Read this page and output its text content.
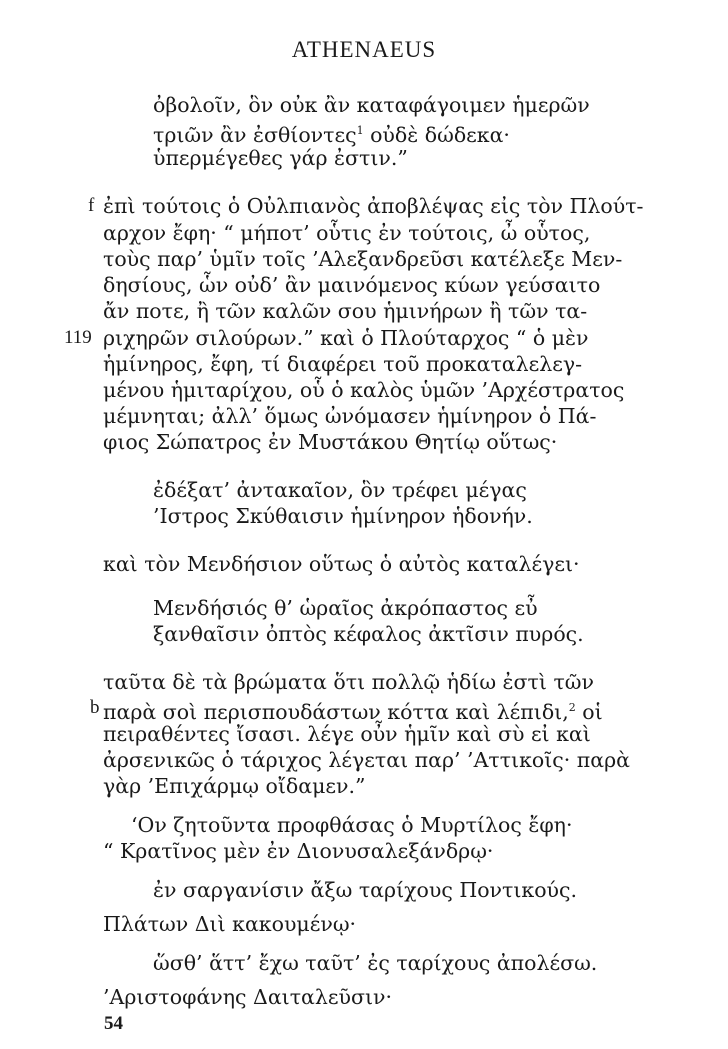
ATHENAEUS
ὀβολοῖν, ὃν οὐκ ἂν καταφάγοιμεν ἡμερῶν
τριῶν ἂν ἐσθίοντες$^1$ οὐδὲ δώδεκα·
ὑπερμέγεθες γάρ ἐστιν.”
f ἐπὶ τούτοις ὁ Οὐλπιανὸς ἀποβλέψας εἰς τὸν Πλούτ-
αρχον ἔφη· “ μήποτ’ οὗτις ἐν τούτοις, ὦ οὗτος,
τοὺς παρ’ ὑμῖν τοῖς ’Αλεξανδρεῦσι κατέλεξε Μεν-
δησίους, ὧν οὐδ’ ἂν μαινόμενος κύων γεύσαιτο
ἄν ποτε, ἢ τῶν καλῶν σου ἡμινήρων ἢ τῶν τα-
119 ριχηρῶν σιλούρων.” καὶ ὁ Πλούταρχος “ ὁ μὲν
ἡμίνηρος, ἔφη, τί διαφέρει τοῦ προκαταλελεγ-
μένου ἡμιταρίχου, οὗ ὁ καλὸς ὑμῶν ’Αρχέστρατος
μέμνηται; ἀλλ’ ὅμως ὠνόμασεν ἡμίνηρον ὁ Πά-
φιος Σώπατρος ἐν Μυστάκου Θητίῳ οὕτως·
ἐδέξατ’ ἀντακαῖον, ὃν τρέφει μέγας
’Ιστρος Σκύθαισιν ἡμίνηρον ἡδονήν.
καὶ τὸν Μενδήσιον οὕτως ὁ αὐτὸς καταλέγει·
Μενδήσιός θ’ ὡραῖος ἀκρόπαστος εὖ
ξανθαῖσιν ὀπτὸς κέφαλος ἀκτῖσιν πυρός.
ταῦτα δὲ τὰ βρώματα ὅτι πολλῷ ἡδίω ἐστὶ τῶν
b παρὰ σοὶ περισπουδάστων κόττα καὶ λέπιδι,$^2$ οἱ
πειραθέντες ἴσασι. λέγε οὖν ἡμῖν καὶ σὺ εἰ καὶ
ἀρσενικῶς ὁ τάριχος λέγεται παρ’ ’Αττικοῖς· παρὰ
γὰρ ’Επιχάρμῳ οἴδαμεν.”
‘Ον ζητοῦντα προφθάσας ὁ Μυρτίλος ἔφη·
“ Κρατῖνος μὲν ἐν Διονυσαλεξάνδρῳ·
ἐν σαργανίσιν ἄξω ταρίχους Ποντικούς.
Πλάτων Διὶ κακουμένῳ·
ὥσθ’ ἅττ’ ἔχω ταῦτ’ ἐς ταρίχους ἀπολέσω.
’Αριστοφάνης Δαιταλεῦσιν·
54
